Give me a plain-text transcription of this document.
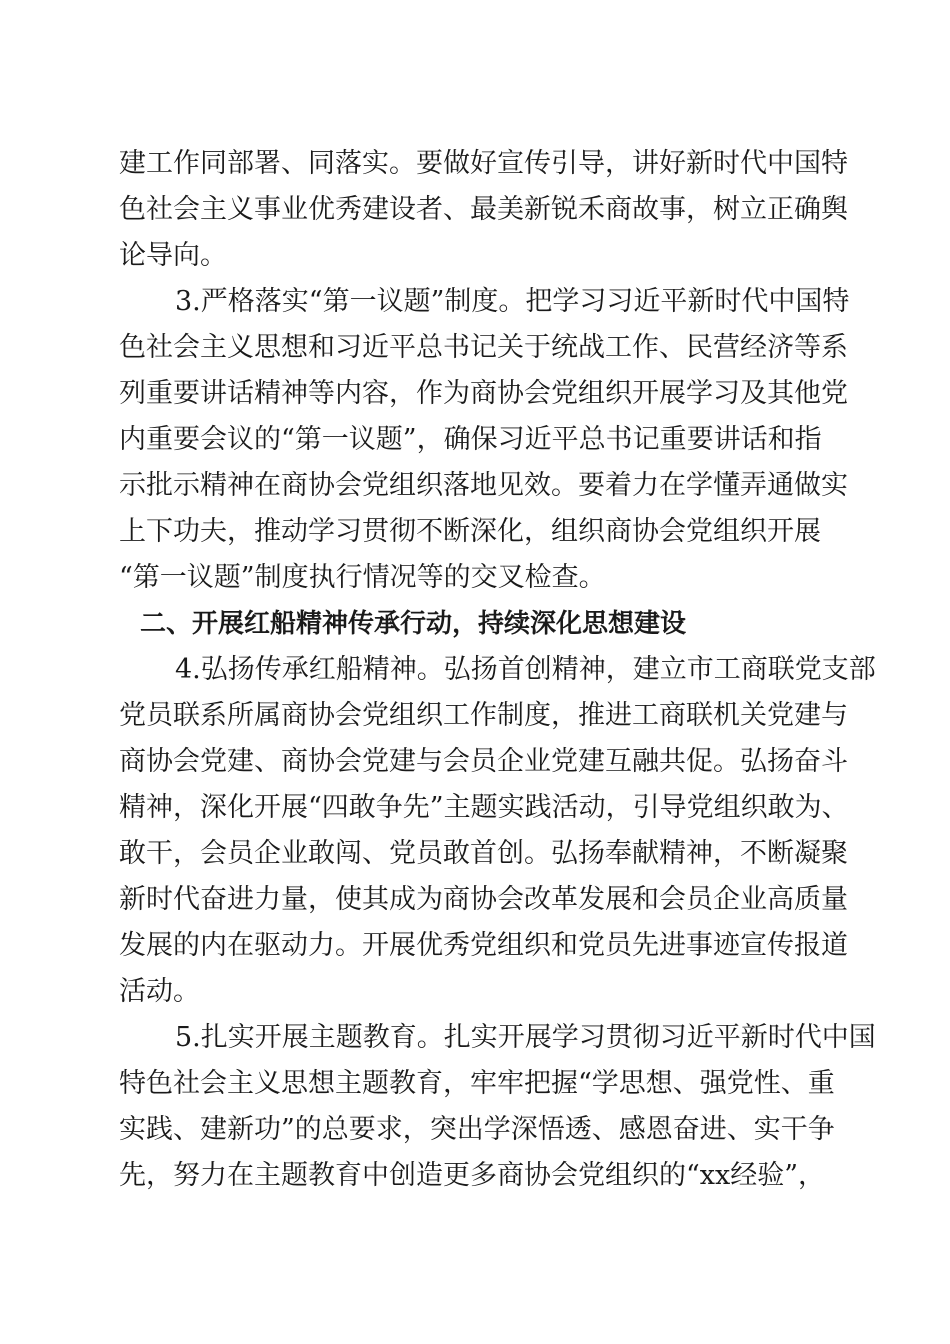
建工作同部署、同落实。要做好宣传引导，讲好新时代中国特
色社会主义事业优秀建设者、最美新锐禾商故事，树立正确舆
论导向。
3.严格落实“第一议题”制度。把学习习近平新时代中国特
色社会主义思想和习近平总书记关于统战工作、民营经济等系
列重要讲话精神等内容，作为商协会党组织开展学习及其他党
内重要会议的“第一议题”，确保习近平总书记重要讲话和指
示批示精神在商协会党组织落地见效。要着力在学懂弄通做实
上下功夫，推动学习贯彻不断深化，组织商协会党组织开展
“第一议题”制度执行情况等的交叉检查。
二、开展红船精神传承行动，持续深化思想建设
4.弘扬传承红船精神。弘扬首创精神，建立市工商联党支部
党员联系所属商协会党组织工作制度，推进工商联机关党建与
商协会党建、商协会党建与会员企业党建互融共促。弘扬奋斗
精神，深化开展“四敢争先”主题实践活动，引导党组织敢为、
敢干，会员企业敢闯、党员敢首创。弘扬奉献精神，不断凝聚
新时代奋进力量，使其成为商协会改革发展和会员企业高质量
发展的内在驱动力。开展优秀党组织和党员先进事迹宣传报道
活动。
5.扎实开展主题教育。扎实开展学习贯彻习近平新时代中国
特色社会主义思想主题教育，牢牢把握“学思想、强党性、重
实践、建新功”的总要求，突出学深悟透、感恩奋进、实干争
先，努力在主题教育中创造更多商协会党组织的“xx经验”，
